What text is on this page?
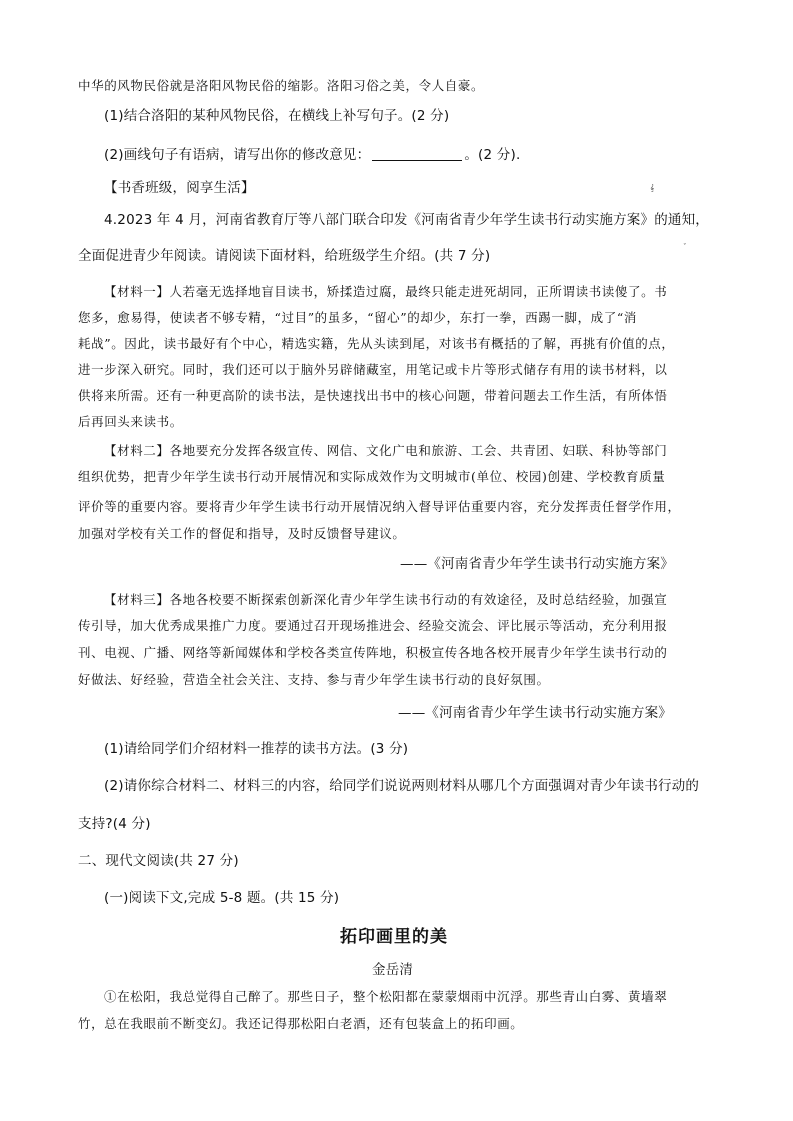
中华的风物民俗就是洛阳风物民俗的缩影。洛阳习俗之美，令人自豪。
(1)结合洛阳的某种风物民俗，在横线上补写句子。(2 分)
(2)画线句子有语病，请写出你的修改意见：	。(2 分).
【书香班级，阅享生活】	𝄞
4.2023 年 4 月，河南省教育厅等八部门联合印发《河南省青少年学生读书行动实施方案》的通知，
全面促进青少年阅读。请阅读下面材料，给班级学生介绍。(共 7 分)
ˇ
【材料一】人若毫无选择地盲目读书，矫揉造过腐，最终只能走进死胡同，正所谓读书读傻了。书
您多，愈易得，使读者不够专精，“过目”的虽多，“留心”的却少，东打一拳，西踢一脚，成了“消
耗战”。因此，读书最好有个中心，精选实籍，先从头读到尾，对该书有概括的了解，再挑有价值的点，
进一步深入研究。同时，我们还可以于脑外另辟储藏室，用笔记或卡片等形式储存有用的读书材料，以
供将来所需。还有一种更高阶的读书法，是快速找出书中的核心问题，带着问题去工作生活，有所体悟
后再回头来读书。
【材料二】各地要充分发挥各级宣传、网信、文化广电和旅游、工会、共青团、妇联、科协等部门
组织优势，把青少年学生读书行动开展情况和实际成效作为文明城市(单位、校园)创建、学校教育质量
评价等的重要内容。要将青少年学生读书行动开展情况纳入督导评估重要内容，充分发挥责任督学作用，
加强对学校有关工作的督促和指导，及时反馈督导建议。
——《河南省青少年学生读书行动实施方案》
【材料三】各地各校要不断探索创新深化青少年学生读书行动的有效途径，及时总结经验，加强宣
传引导，加大优秀成果推广力度。要通过召开现场推进会、经验交流会、评比展示等活动，充分利用报
刊、电视、广播、网络等新闻媒体和学校各类宣传阵地，积极宣传各地各校开展青少年学生读书行动的
好做法、好经验，营造全社会关注、支持、参与青少年学生读书行动的良好氛围。
——《河南省青少年学生读书行动实施方案》
(1)请给同学们介绍材料一推荐的读书方法。(3 分)
(2)请你综合材料二、材料三的内容，给同学们说说两则材料从哪几个方面强调对青少年读书行动的
支持?(4 分)
二、现代文阅读(共 27 分)
(一)阅读下文,完成 5-8 题。(共 15 分)
拓印画里的美
金岳清
①在松阳，我总觉得自己醉了。那些日子，整个松阳都在蒙蒙烟雨中沉浮。那些青山白雾、黄墙翠
竹，总在我眼前不断变幻。我还记得那松阳白老酒，还有包装盒上的拓印画。
